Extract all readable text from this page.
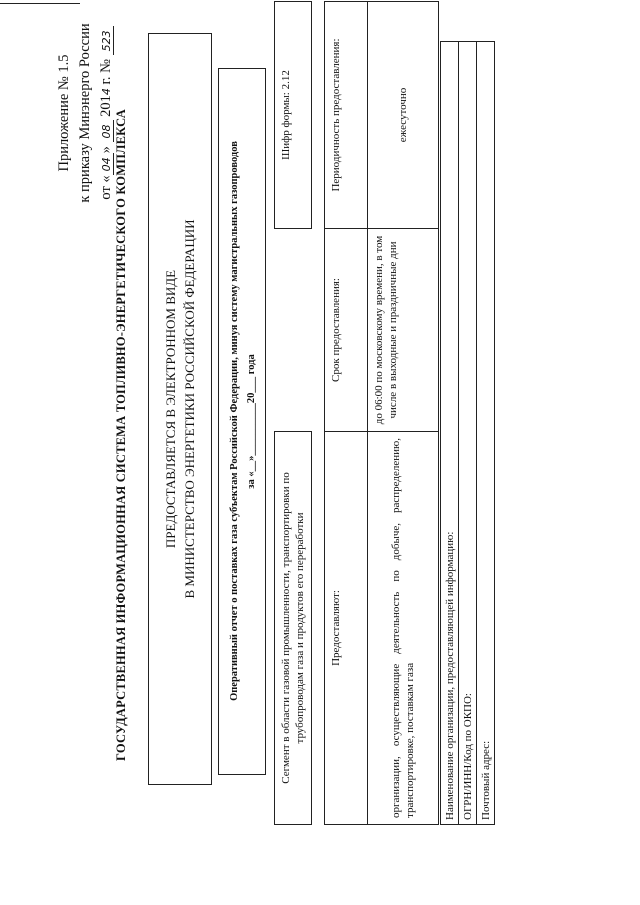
Приложение № 1.5 к приказу Минэнерго России от «04» 08 2014 г. № 523
ГОСУДАРСТВЕННАЯ ИНФОРМАЦИОННАЯ СИСТЕМА ТОПЛИВНО-ЭНЕРГЕТИЧЕСКОГО КОМПЛЕКСА	ПРЕДОСТАВЛЯЕТСЯ В ЭЛЕКТРОННОМ ВИДЕ В МИНИСТЕРСТВО ЭНЕРГЕТИКИ РОССИЙСКОЙ ФЕДЕРАЦИИ	Оперативный отчет о поставках газа субъектам Российской Федерации, минуя систему магистральных газопроводов за «__»__________20___ года
Сегмент в области газовой промышленности, транспортировки по трубопроводам газа и продуктов его переработки		Шифр формы: 2.12

Предоставляют:	Срок предоставления:	Периодичность предоставления:
организации, осуществляющие деятельность по добыче, распределению, транспортировке, поставкам газа	до 06:00 по московскому времени, в том числе в выходные и праздничные дни	ежесуточно
Наименование организации, предоставляющей информацию:
ОГРН/ИНН/Код по ОКПО:
Почтовый адрес:
